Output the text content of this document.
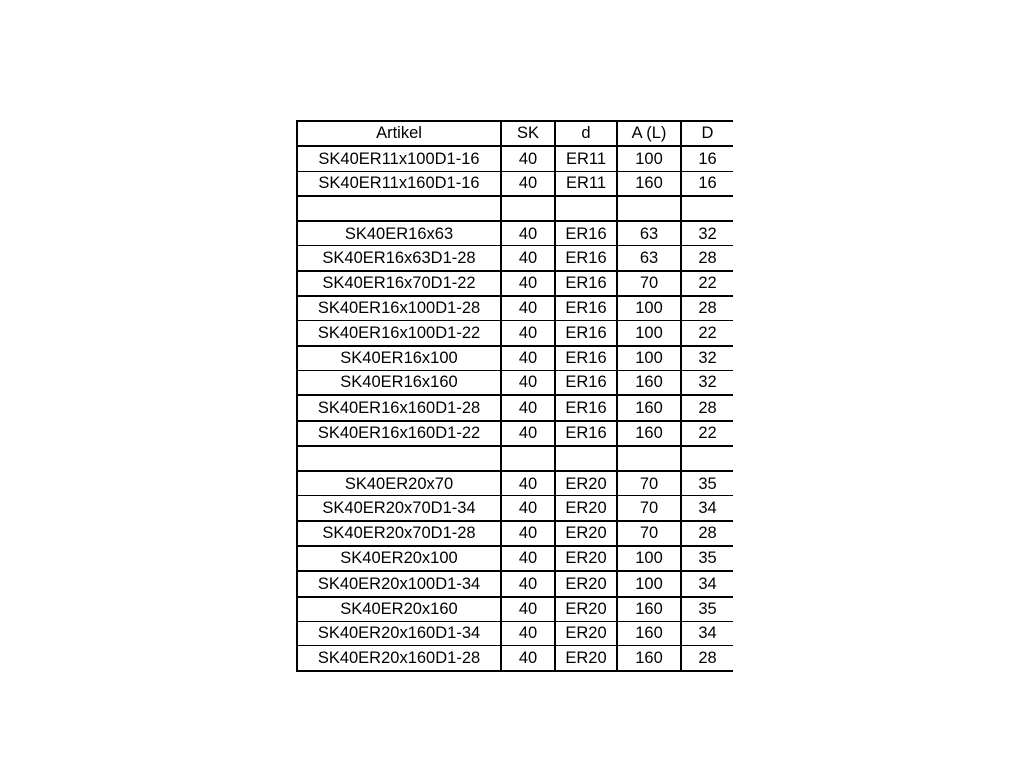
Artikel	SK	d	A (L)	D
SK40ER11x100D1-16	40	ER11	100	16
SK40ER11x160D1-16	40	ER11	160	16

SK40ER16x63	40	ER16	63	32
SK40ER16x63D1-28	40	ER16	63	28
SK40ER16x70D1-22	40	ER16	70	22
SK40ER16x100D1-28	40	ER16	100	28
SK40ER16x100D1-22	40	ER16	100	22
SK40ER16x100	40	ER16	100	32
SK40ER16x160	40	ER16	160	32
SK40ER16x160D1-28	40	ER16	160	28
SK40ER16x160D1-22	40	ER16	160	22

SK40ER20x70	40	ER20	70	35
SK40ER20x70D1-34	40	ER20	70	34
SK40ER20x70D1-28	40	ER20	70	28
SK40ER20x100	40	ER20	100	35
SK40ER20x100D1-34	40	ER20	100	34
SK40ER20x160	40	ER20	160	35
SK40ER20x160D1-34	40	ER20	160	34
SK40ER20x160D1-28	40	ER20	160	28
